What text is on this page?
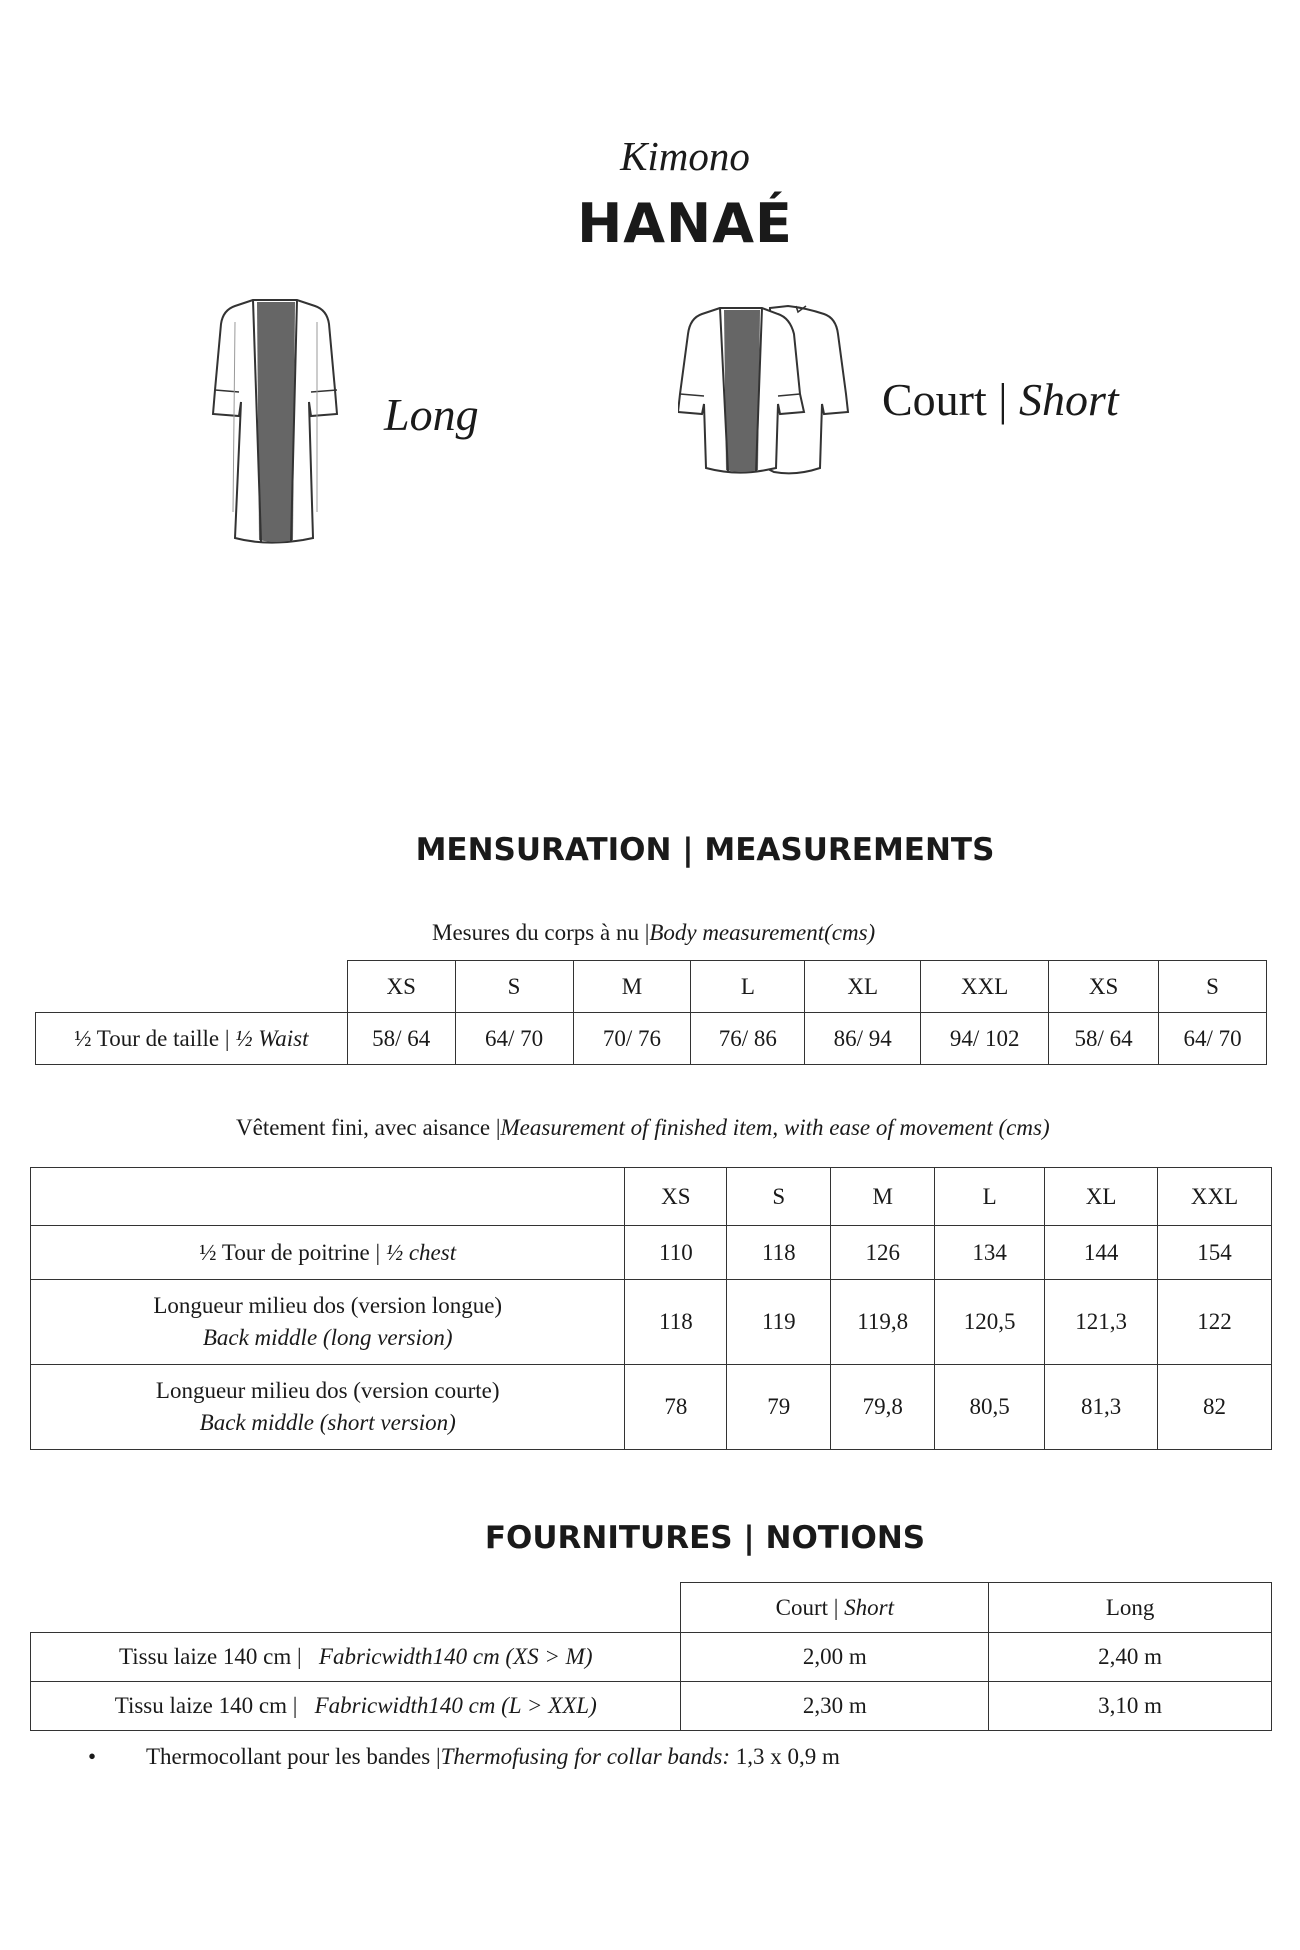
Kimono
HANAÉ
Long	Court | Short
MENSURATION | MEASUREMENTS
Mesures du corps à nu |Body measurement(cms)
	XS	S	M	L	XL	XXL	XS	S
½ Tour de taille | ½ Waist	58/ 64	64/ 70	70/ 76	76/ 86	86/ 94	94/ 102	58/ 64	64/ 70
Vêtement fini, avec aisance |Measurement of finished item, with ease of movement (cms)
	XS	S	M	L	XL	XXL
½ Tour de poitrine | ½ chest	110	118	126	134	144	154
Longueur milieu dos (version longue)
Back middle (long version)	118	119	119,8	120,5	121,3	122
Longueur milieu dos (version courte)
Back middle (short version)	78	79	79,8	80,5	81,3	82
FOURNITURES | NOTIONS
	Court | Short	Long
Tissu laize 140 cm | Fabricwidth140 cm (XS > M)	2,00 m	2,40 m
Tissu laize 140 cm | Fabricwidth140 cm (L > XXL)	2,30 m	3,10 m
• Thermocollant pour les bandes |Thermofusing for collar bands: 1,3 x 0,9 m
